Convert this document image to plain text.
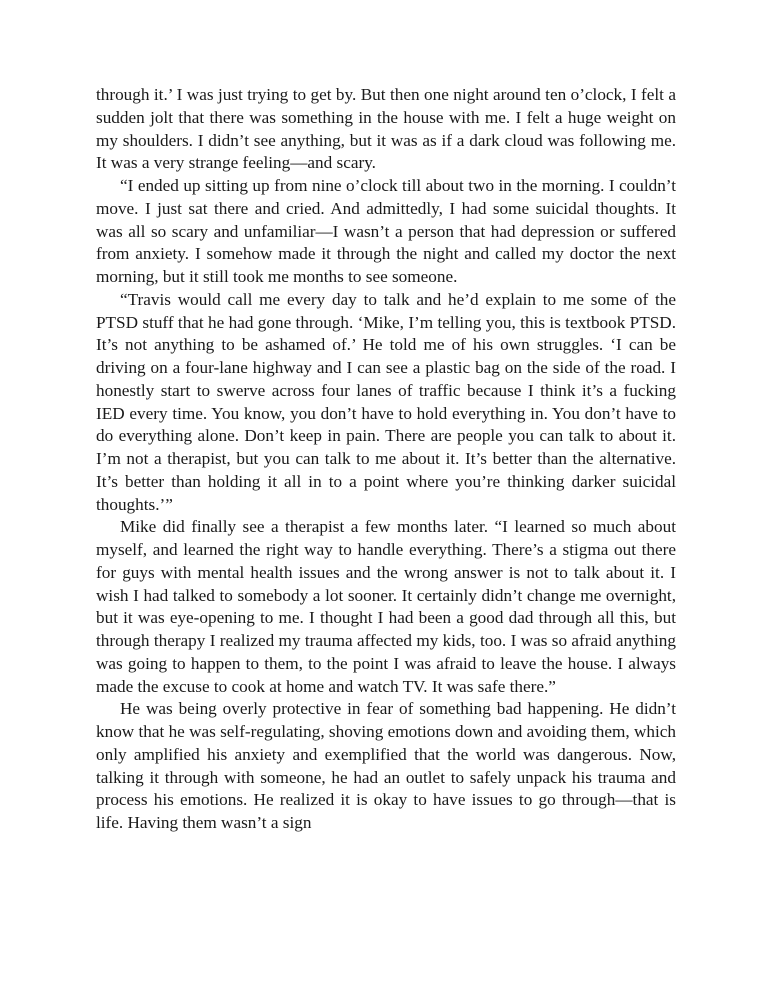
through it.’ I was just trying to get by. But then one night around ten o’clock, I felt a sudden jolt that there was something in the house with me. I felt a huge weight on my shoulders. I didn’t see anything, but it was as if a dark cloud was following me. It was a very strange feeling—and scary.

“I ended up sitting up from nine o’clock till about two in the morning. I couldn’t move. I just sat there and cried. And admittedly, I had some suicidal thoughts. It was all so scary and unfamiliar—I wasn’t a person that had depression or suffered from anxiety. I somehow made it through the night and called my doctor the next morning, but it still took me months to see someone.

“Travis would call me every day to talk and he’d explain to me some of the PTSD stuff that he had gone through. ‘Mike, I’m telling you, this is textbook PTSD. It’s not anything to be ashamed of.’ He told me of his own struggles. ‘I can be driving on a four-lane highway and I can see a plastic bag on the side of the road. I honestly start to swerve across four lanes of traffic because I think it’s a fucking IED every time. You know, you don’t have to hold everything in. You don’t have to do everything alone. Don’t keep in pain. There are people you can talk to about it. I’m not a therapist, but you can talk to me about it. It’s better than the alternative. It’s better than holding it all in to a point where you’re thinking darker suicidal thoughts.’”

Mike did finally see a therapist a few months later. “I learned so much about myself, and learned the right way to handle everything. There’s a stigma out there for guys with mental health issues and the wrong answer is not to talk about it. I wish I had talked to somebody a lot sooner. It certainly didn’t change me overnight, but it was eye-opening to me. I thought I had been a good dad through all this, but through therapy I realized my trauma affected my kids, too. I was so afraid anything was going to happen to them, to the point I was afraid to leave the house. I always made the excuse to cook at home and watch TV. It was safe there.”

He was being overly protective in fear of something bad happening. He didn’t know that he was self-regulating, shoving emotions down and avoiding them, which only amplified his anxiety and exemplified that the world was dangerous. Now, talking it through with someone, he had an outlet to safely unpack his trauma and process his emotions. He realized it is okay to have issues to go through—that is life. Having them wasn’t a sign
